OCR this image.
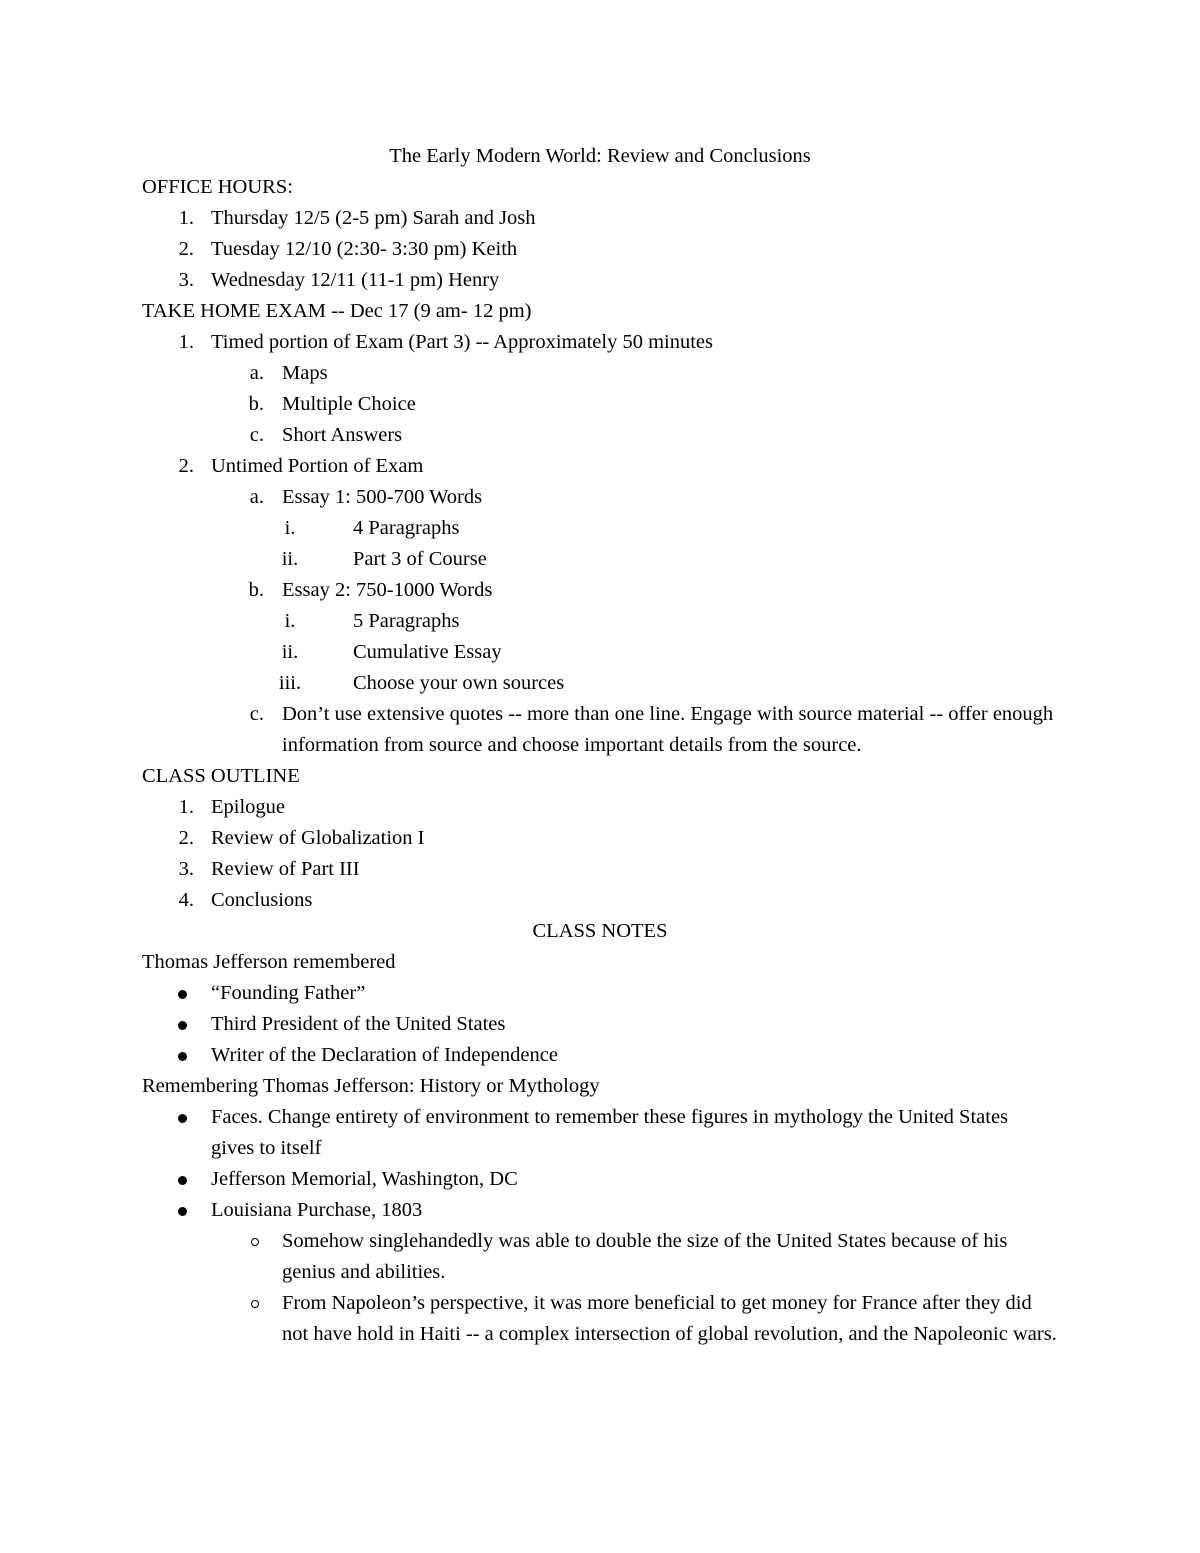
The Early Modern World: Review and Conclusions
OFFICE HOURS:
1. Thursday 12/5 (2-5 pm) Sarah and Josh
2. Tuesday 12/10 (2:30- 3:30 pm) Keith
3. Wednesday 12/11 (11-1 pm) Henry
TAKE HOME EXAM -- Dec 17 (9 am- 12 pm)
1. Timed portion of Exam (Part 3) -- Approximately 50 minutes
a. Maps
b. Multiple Choice
c. Short Answers
2. Untimed Portion of Exam
a. Essay 1: 500-700 Words
i.	4 Paragraphs
ii.	Part 3 of Course
b. Essay 2: 750-1000 Words
i.	5 Paragraphs
ii.	Cumulative Essay
iii.	Choose your own sources
c. Don’t use extensive quotes -- more than one line. Engage with source material -- offer enough information from source and choose important details from the source.
CLASS OUTLINE
1. Epilogue
2. Review of Globalization I
3. Review of Part III
4. Conclusions
CLASS NOTES
Thomas Jefferson remembered
“Founding Father”
Third President of the United States
Writer of the Declaration of Independence
Remembering Thomas Jefferson: History or Mythology
Faces. Change entirety of environment to remember these figures in mythology the United States gives to itself
Jefferson Memorial, Washington, DC
Louisiana Purchase, 1803
Somehow singlehandedly was able to double the size of the United States because of his genius and abilities.
From Napoleon’s perspective, it was more beneficial to get money for France after they did not have hold in Haiti -- a complex intersection of global revolution, and the Napoleonic wars.
